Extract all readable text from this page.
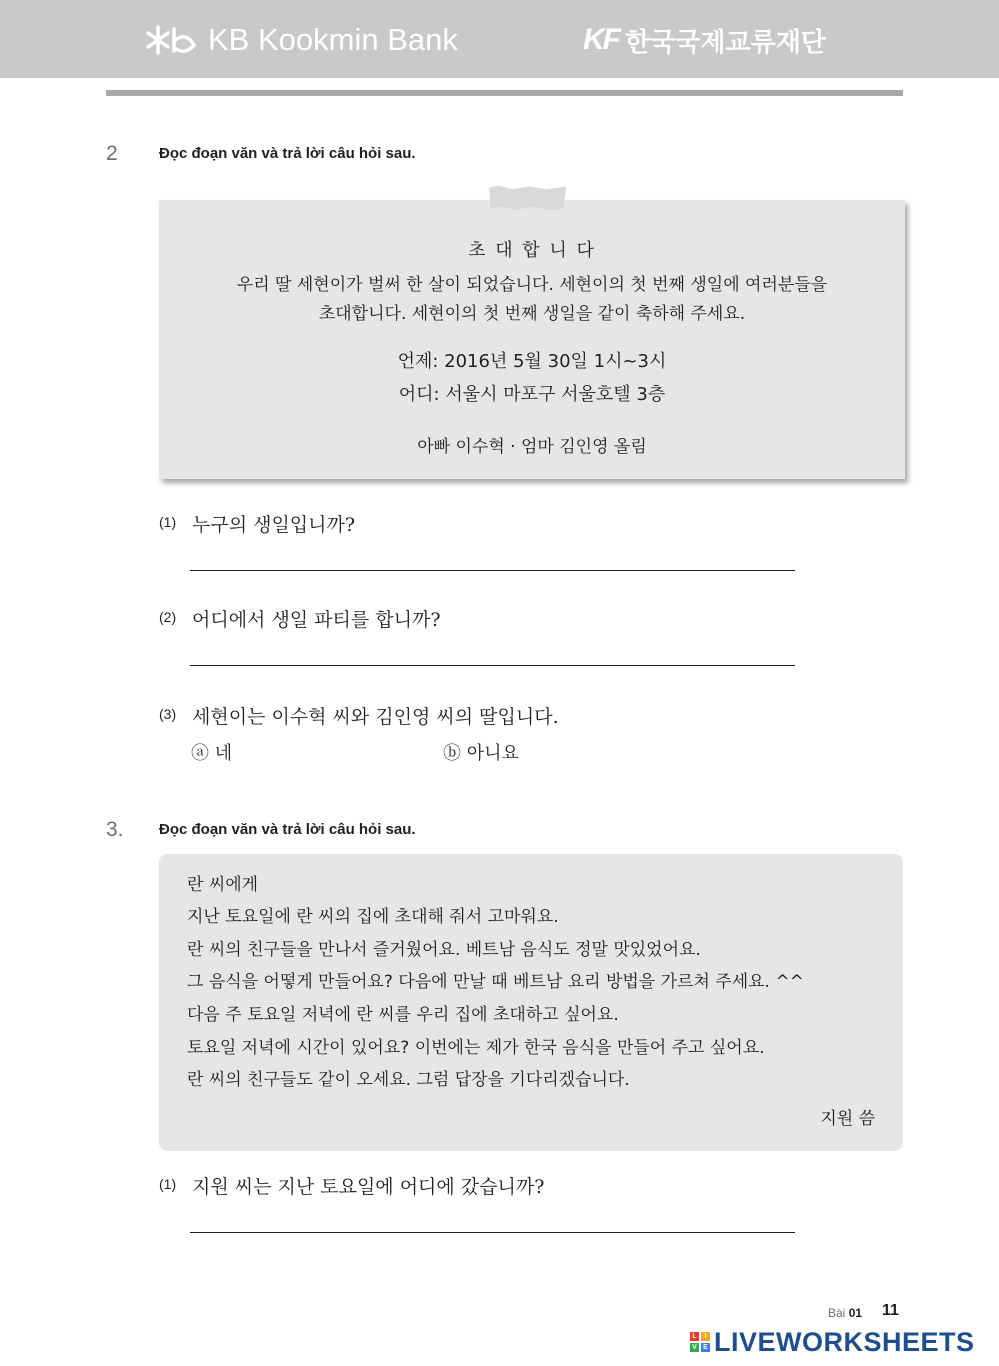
KB Kookmin Bank	KF 한국국제교류재단
2	Đọc đoạn văn và trả lời câu hỏi sau.
초 대 합 니 다
우리 딸 세현이가 벌써 한 살이 되었습니다. 세현이의 첫 번째 생일에 여러분들을
초대합니다. 세현이의 첫 번째 생일을 같이 축하해 주세요.
언제: 2016년 5월 30일 1시~3시
어디: 서울시 마포구 서울호텔 3층
아빠 이수혁 · 엄마 김인영 올림
(1) 누구의 생일입니까?
(2) 어디에서 생일 파티를 합니까?
(3) 세현이는 이수혁 씨와 김인영 씨의 딸입니다.
ⓐ 네	ⓑ 아니요
3. Đọc đoạn văn và trả lời câu hỏi sau.
란 씨에게
지난 토요일에 란 씨의 집에 초대해 줘서 고마워요.
란 씨의 친구들을 만나서 즐거웠어요. 베트남 음식도 정말 맛있었어요.
그 음식을 어떻게 만들어요? 다음에 만날 때 베트남 요리 방법을 가르쳐 주세요. ^^
다음 주 토요일 저녁에 란 씨를 우리 집에 초대하고 싶어요.
토요일 저녁에 시간이 있어요? 이번에는 제가 한국 음식을 만들어 주고 싶어요.
란 씨의 친구들도 같이 오세요. 그럼 답장을 기다리겠습니다.
지원 씀
(1) 지원 씨는 지난 토요일에 어디에 갔습니까?
Bài 01 11
L	I
V E LIVEWORKSHEETS
